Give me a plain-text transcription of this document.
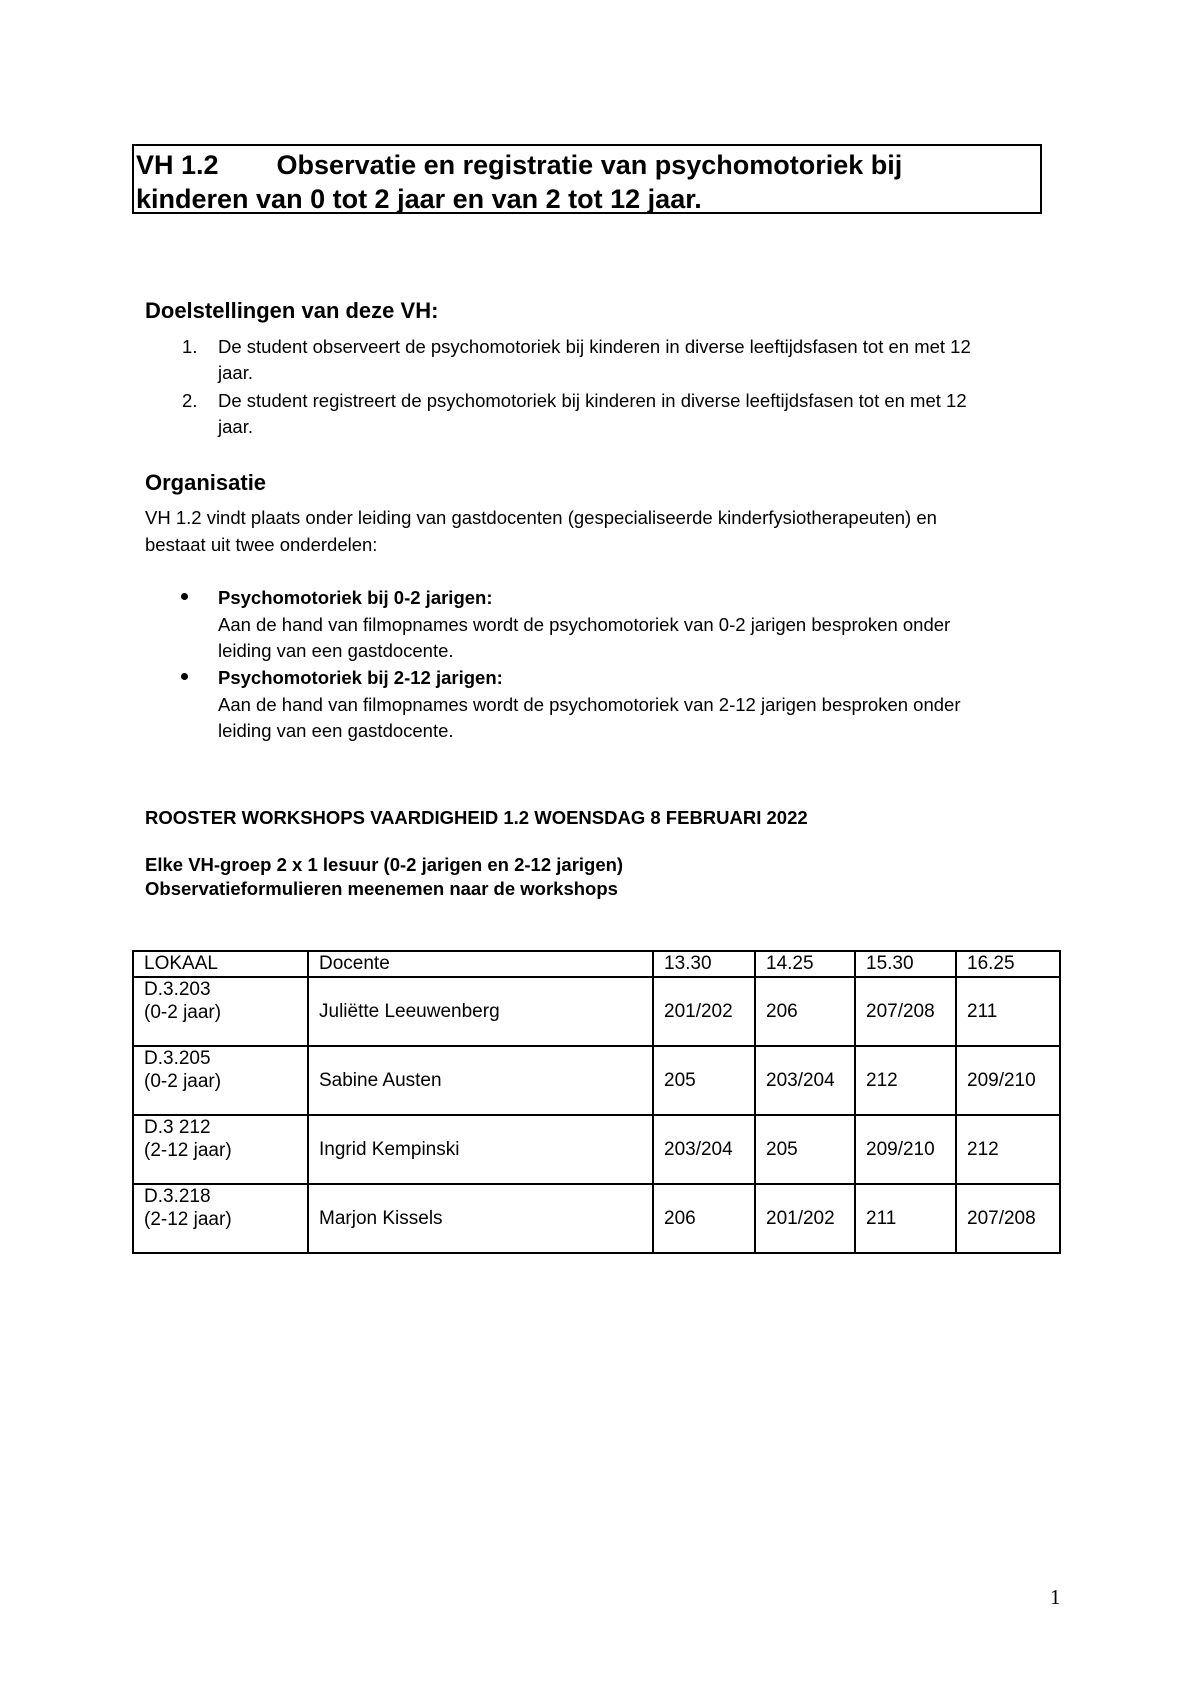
VH 1.2 Observatie en registratie van psychomotoriek bij
kinderen van 0 tot 2 jaar en van 2 tot 12 jaar.
Doelstellingen van deze VH:
1. De student observeert de psychomotoriek bij kinderen in diverse leeftijdsfasen tot en met 12
jaar.
2. De student registreert de psychomotoriek bij kinderen in diverse leeftijdsfasen tot en met 12
jaar.
Organisatie
VH 1.2 vindt plaats onder leiding van gastdocenten (gespecialiseerde kinderfysiotherapeuten) en
bestaat uit twee onderdelen:
Psychomotoriek bij 0-2 jarigen:
Aan de hand van filmopnames wordt de psychomotoriek van 0-2 jarigen besproken onder
leiding van een gastdocente.
Psychomotoriek bij 2-12 jarigen:
Aan de hand van filmopnames wordt de psychomotoriek van 2-12 jarigen besproken onder
leiding van een gastdocente.
ROOSTER WORKSHOPS VAARDIGHEID 1.2 WOENSDAG 8 FEBRUARI 2022
Elke VH-groep 2 x 1 lesuur (0-2 jarigen en 2-12 jarigen)
Observatieformulieren meenemen naar de workshops
LOKAAL	Docente	13.30	14.25	15.30	16.25

D.3.203
(0-2 jaar)	Juliëtte Leeuwenberg	201/202	206	207/208	211

D.3.205
(0-2 jaar)	Sabine Austen	205	203/204	212	209/210

D.3 212
(2-12 jaar)	Ingrid Kempinski	203/204	205	209/210	212

D.3.218
(2-12 jaar)	Marjon Kissels	206	201/202	211	207/208
1
